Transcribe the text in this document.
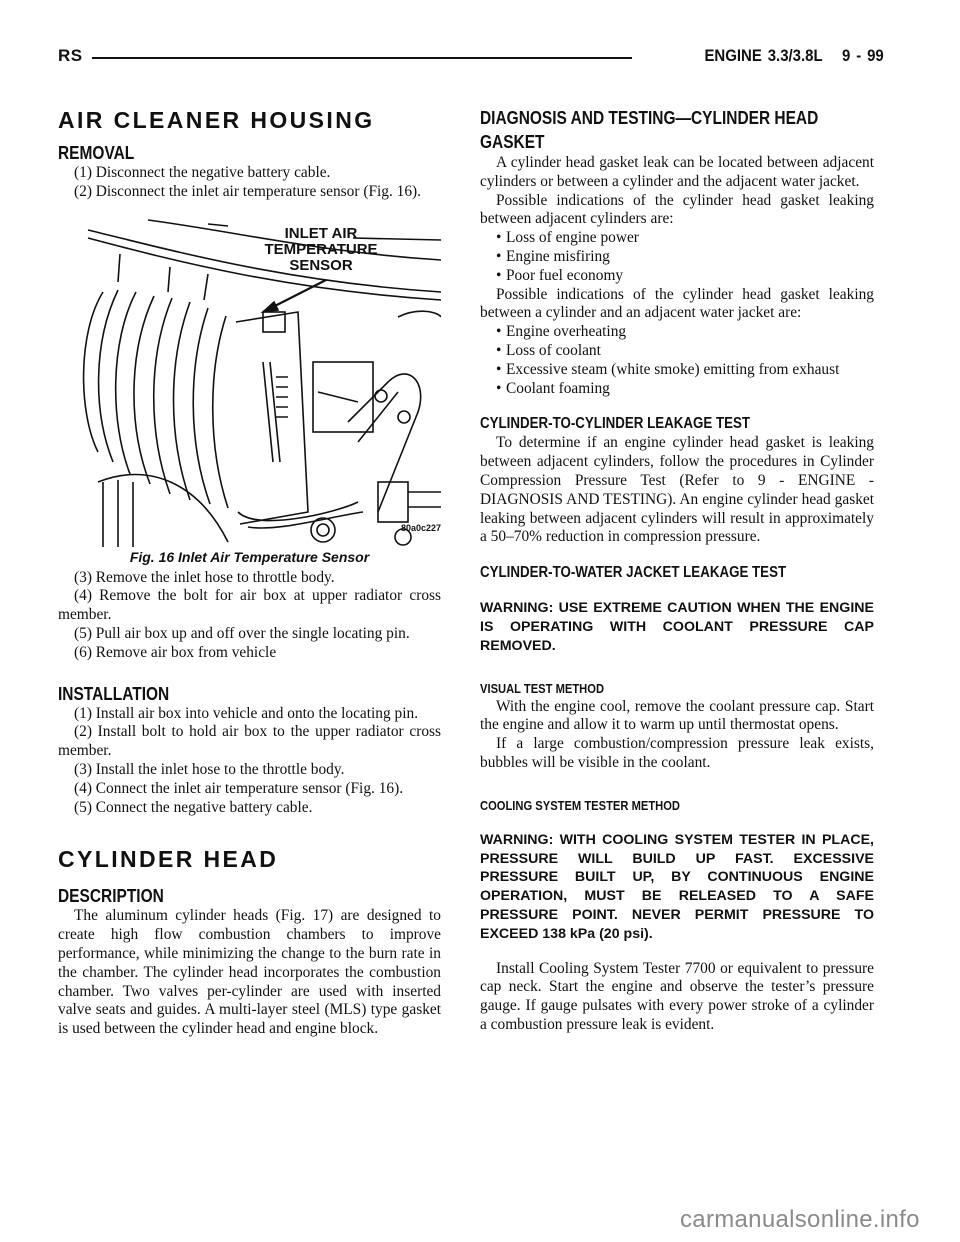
RS	ENGINE 3.3/3.8L 9 - 99
AIR CLEANER HOUSING
REMOVAL

(1) Disconnect the negative battery cable.

(2) Disconnect the inlet air temperature sensor (Fig. 16).

INLET AIR
TEMPERATURE
SENSOR
80a0c227
Fig. 16 Inlet Air Temperature Sensor

(3) Remove the inlet hose to throttle body.

(4) Remove the bolt for air box at upper radiator cross member.

(5) Pull air box up and off over the single locating pin.

(6) Remove air box from vehicle

INSTALLATION

(1) Install air box into vehicle and onto the locating pin.

(2) Install bolt to hold air box to the upper radiator cross member.

(3) Install the inlet hose to the throttle body.

(4) Connect the inlet air temperature sensor (Fig. 16).

(5) Connect the negative battery cable.

CYLINDER HEAD
DESCRIPTION

The aluminum cylinder heads (Fig. 17) are designed to create high flow combustion chambers to improve performance, while minimizing the change to the burn rate in the chamber. The cylinder head incorporates the combustion chamber. Two valves per-cylinder are used with inserted valve seats and guides. A multi-layer steel (MLS) type gasket is used between the cylinder head and engine block.

DIAGNOSIS AND TESTING—CYLINDER HEAD GASKET

A cylinder head gasket leak can be located between adjacent cylinders or between a cylinder and the adjacent water jacket.

Possible indications of the cylinder head gasket leaking between adjacent cylinders are:

• Loss of engine power

• Engine misfiring

• Poor fuel economy

Possible indications of the cylinder head gasket leaking between a cylinder and an adjacent water jacket are:

• Engine overheating

• Loss of coolant

• Excessive steam (white smoke) emitting from exhaust

• Coolant foaming

CYLINDER-TO-CYLINDER LEAKAGE TEST

To determine if an engine cylinder head gasket is leaking between adjacent cylinders, follow the procedures in Cylinder Compression Pressure Test (Refer to 9 - ENGINE - DIAGNOSIS AND TESTING). An engine cylinder head gasket leaking between adjacent cylinders will result in approximately a 50–70% reduction in compression pressure.

CYLINDER-TO-WATER JACKET LEAKAGE TEST

WARNING: USE EXTREME CAUTION WHEN THE ENGINE IS OPERATING WITH COOLANT PRESSURE CAP REMOVED.

VISUAL TEST METHOD

With the engine cool, remove the coolant pressure cap. Start the engine and allow it to warm up until thermostat opens.

If a large combustion/compression pressure leak exists, bubbles will be visible in the coolant.

COOLING SYSTEM TESTER METHOD

WARNING: WITH COOLING SYSTEM TESTER IN PLACE, PRESSURE WILL BUILD UP FAST. EXCESSIVE PRESSURE BUILT UP, BY CONTINUOUS ENGINE OPERATION, MUST BE RELEASED TO A SAFE PRESSURE POINT. NEVER PERMIT PRESSURE TO EXCEED 138 kPa (20 psi).

Install Cooling System Tester 7700 or equivalent to pressure cap neck. Start the engine and observe the tester’s pressure gauge. If gauge pulsates with every power stroke of a cylinder a combustion pressure leak is evident.

carmanualsonline.info
